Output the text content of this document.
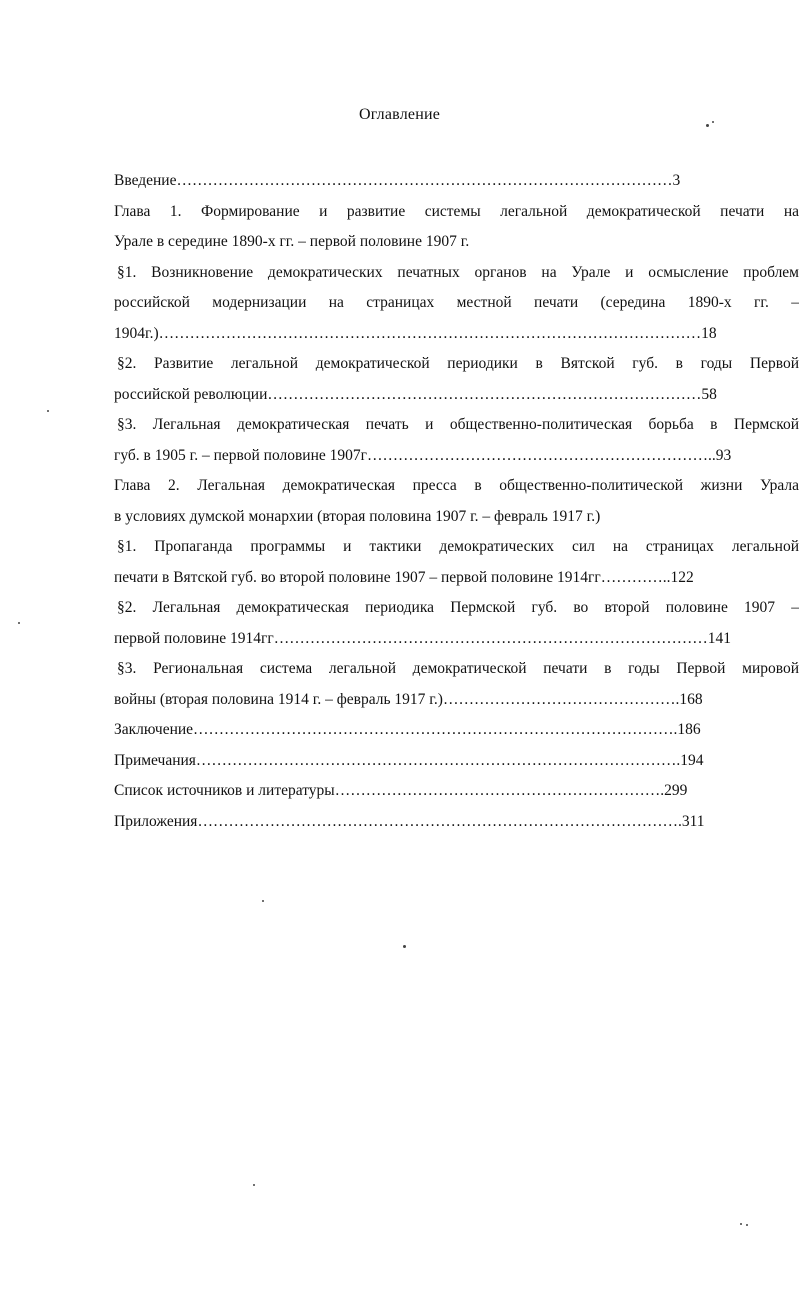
Оглавление
Введение……………………………………………………………………………………3
Глава 1. Формирование и развитие системы легальной демократической печати на
Урале в середине 1890-х гг. – первой половине 1907 г.
§1. Возникновение демократических печатных органов на Урале и осмысление проблем
российской модернизации на страницах местной печати (середина 1890-х гг. –
1904г.)……………………………………………………………………………………………18
§2. Развитие легальной демократической периодики в Вятской губ. в годы Первой
российской революции…………………………………………………………………………58
§3. Легальная демократическая печать и общественно-политическая борьба в Пермской
губ. в 1905 г. – первой половине 1907г…………………………………………………………..93
Глава 2. Легальная демократическая пресса в общественно-политической жизни Урала
в условиях думской монархии (вторая половина 1907 г. – февраль 1917 г.)
§1. Пропаганда программы и тактики демократических сил на страницах легальной
печати в Вятской губ. во второй половине 1907 – первой половине 1914гг…………..122
§2. Легальная демократическая периодика Пермской губ. во второй половине 1907 –
первой половине 1914гг…………………………………………………………………………141
§3. Региональная система легальной демократической печати в годы Первой мировой
войны (вторая половина 1914 г. – февраль 1917 г.)……………………………………….168
Заключение………………………………………………………………………………….186
Примечания………………………………………………………………………………….194
Список источников и литературы……………………………………………………….299
Приложения………………………………………………………………………………….311
